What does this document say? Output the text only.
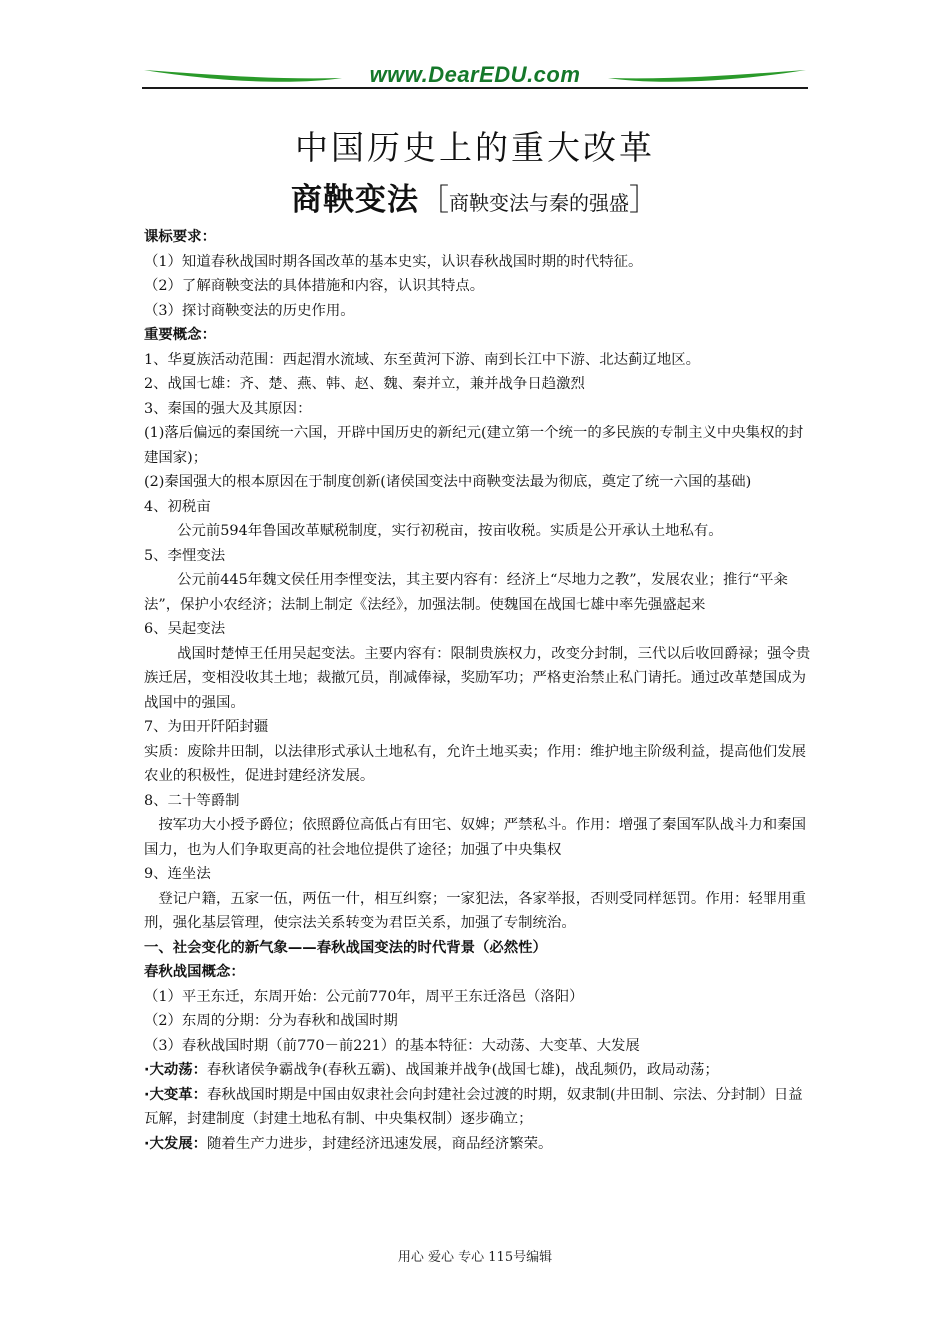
www.DearEDU.com
中国历史上的重大改革
商鞅变法［商鞅变法与秦的强盛］

课标要求：

（1）知道春秋战国时期各国改革的基本史实，认识春秋战国时期的时代特征。

（2）了解商鞅变法的具体措施和内容，认识其特点。

（3）探讨商鞅变法的历史作用。

重要概念：

1、华夏族活动范围：西起渭水流域、东至黄河下游、南到长江中下游、北达蓟辽地区。

2、战国七雄：齐、楚、燕、韩、赵、魏、秦并立，兼并战争日趋激烈

3、秦国的强大及其原因：

(1)落后偏远的秦国统一六国，开辟中国历史的新纪元(建立第一个统一的多民族的专制主义中央集权的封建国家)；

(2)秦国强大的根本原因在于制度创新(诸侯国变法中商鞅变法最为彻底，奠定了统一六国的基础)

4、初税亩

公元前594年鲁国改革赋税制度，实行初税亩，按亩收税。实质是公开承认土地私有。

5、李悝变法

公元前445年魏文侯任用李悝变法，其主要内容有：经济上“尽地力之教”，发展农业；推行“平籴法”，保护小农经济；法制上制定《法经》，加强法制。使魏国在战国七雄中率先强盛起来

6、吴起变法

战国时楚悼王任用吴起变法。主要内容有：限制贵族权力，改变分封制，三代以后收回爵禄；强令贵族迁居，变相没收其土地；裁撤冗员，削减俸禄，奖励军功；严格吏治禁止私门请托。通过改革楚国成为战国中的强国。

7、为田开阡陌封疆

实质：废除井田制，以法律形式承认土地私有，允许土地买卖；作用：维护地主阶级利益，提高他们发展农业的积极性，促进封建经济发展。

8、二十等爵制

按军功大小授予爵位；依照爵位高低占有田宅、奴婢；严禁私斗。作用：增强了秦国军队战斗力和秦国国力，也为人们争取更高的社会地位提供了途径；加强了中央集权

9、连坐法

登记户籍，五家一伍，两伍一什，相互纠察；一家犯法，各家举报，否则受同样惩罚。作用：轻罪用重刑，强化基层管理，使宗法关系转变为君臣关系，加强了专制统治。

一、社会变化的新气象——春秋战国变法的时代背景（必然性）

春秋战国概念：

（1）平王东迁，东周开始：公元前770年，周平王东迁洛邑（洛阳）

（2）东周的分期：分为春秋和战国时期

（3）春秋战国时期（前770－前221）的基本特征：大动荡、大变革、大发展

·大动荡：春秋诸侯争霸战争(春秋五霸)、战国兼并战争(战国七雄)，战乱频仍，政局动荡；

·大变革：春秋战国时期是中国由奴隶社会向封建社会过渡的时期，奴隶制(井田制、宗法、分封制）日益瓦解，封建制度（封建土地私有制、中央集权制）逐步确立；

·大发展：随着生产力进步，封建经济迅速发展，商品经济繁荣。

用心 爱心 专心 115号编辑
